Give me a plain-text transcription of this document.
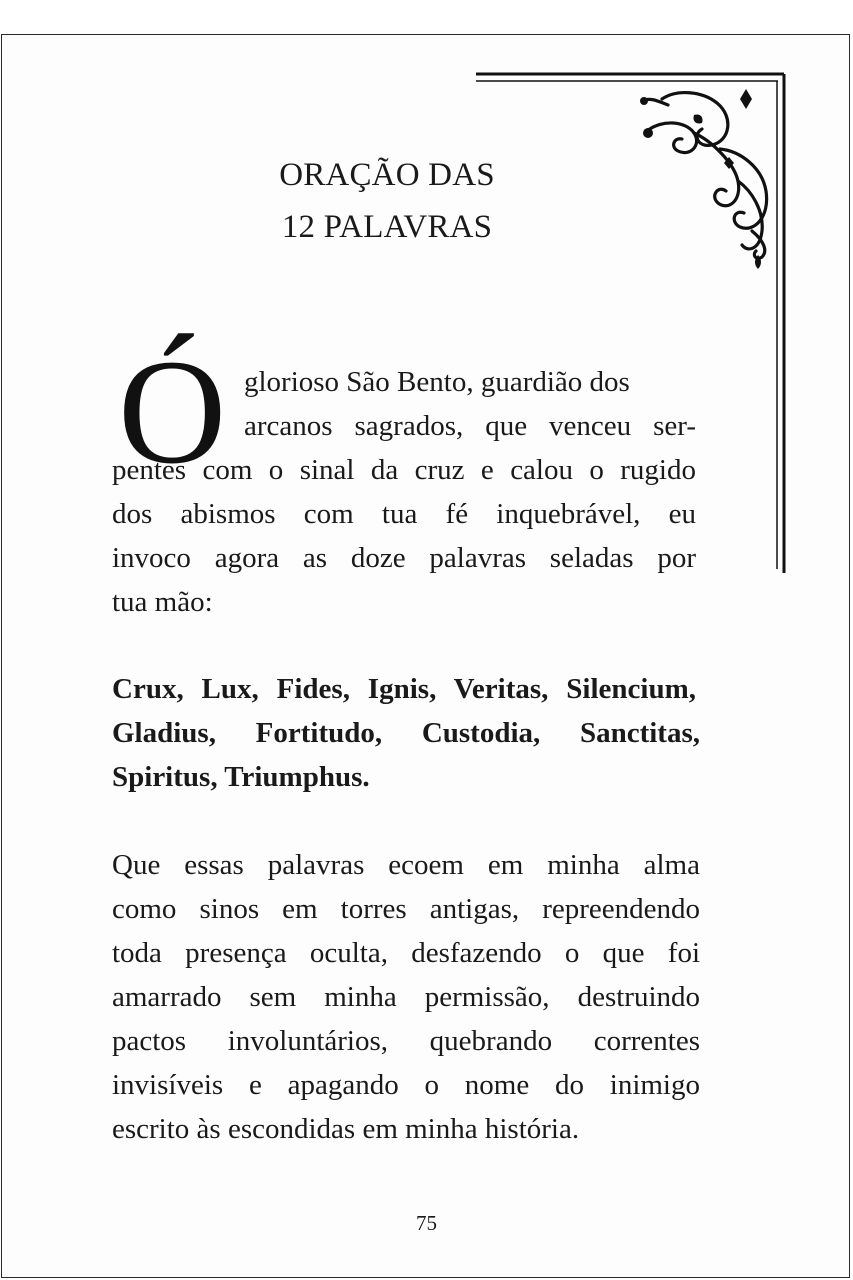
ORAÇÃO DAS
12 PALAVRAS
Ó glorioso São Bento, guardião dos
arcanos sagrados, que venceu ser-
pentes com o sinal da cruz e calou o rugido
dos abismos com tua fé inquebrável, eu
invoco agora as doze palavras seladas por
tua mão:
Crux, Lux, Fides, Ignis, Veritas, Silencium,
Gladius, Fortitudo, Custodia, Sanctitas,
Spiritus, Triumphus.
Que essas palavras ecoem em minha alma
como sinos em torres antigas, repreendendo
toda presença oculta, desfazendo o que foi
amarrado sem minha permissão, destruindo
pactos involuntários, quebrando correntes
invisíveis e apagando o nome do inimigo
escrito às escondidas em minha história.
75
